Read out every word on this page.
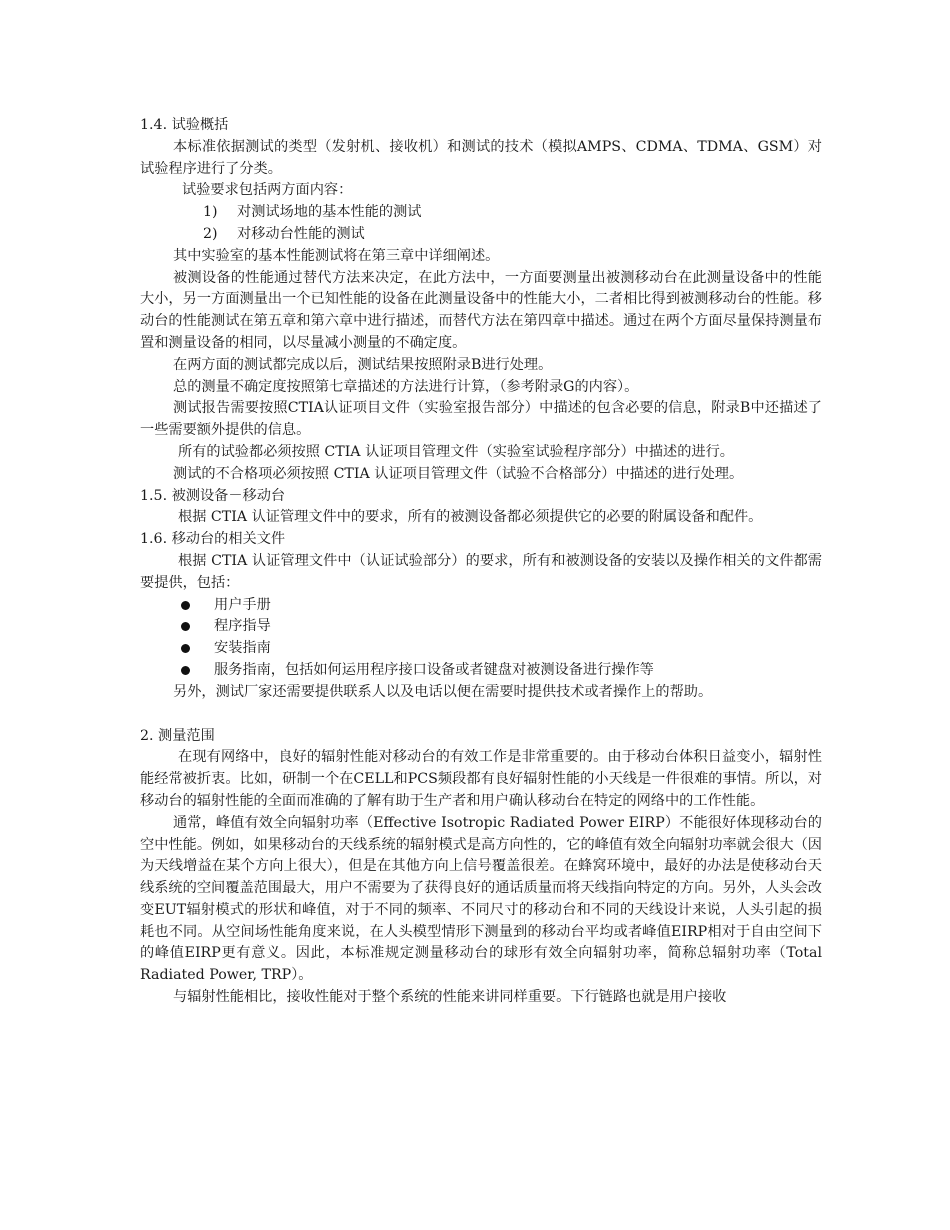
1.4. 试验概括

本标准依据测试的类型（发射机、接收机）和测试的技术（模拟AMPS、CDMA、TDMA、GSM）对试验程序进行了分类。

试验要求包括两方面内容：

1) 对测试场地的基本性能的测试

2) 对移动台性能的测试

其中实验室的基本性能测试将在第三章中详细阐述。

被测设备的性能通过替代方法来决定，在此方法中，一方面要测量出被测移动台在此测量设备中的性能大小，另一方面测量出一个已知性能的设备在此测量设备中的性能大小，二者相比得到被测移动台的性能。移动台的性能测试在第五章和第六章中进行描述，而替代方法在第四章中描述。通过在两个方面尽量保持测量布置和测量设备的相同，以尽量减小测量的不确定度。

在两方面的测试都完成以后，测试结果按照附录B进行处理。

总的测量不确定度按照第七章描述的方法进行计算，（参考附录G的内容）。

测试报告需要按照CTIA认证项目文件（实验室报告部分）中描述的包含必要的信息，附录B中还描述了一些需要额外提供的信息。

所有的试验都必须按照 CTIA 认证项目管理文件（实验室试验程序部分）中描述的进行。

测试的不合格项必须按照 CTIA 认证项目管理文件（试验不合格部分）中描述的进行处理。

1.5. 被测设备－移动台

根据 CTIA 认证管理文件中的要求，所有的被测设备都必须提供它的必要的附属设备和配件。

1.6. 移动台的相关文件

根据 CTIA 认证管理文件中（认证试验部分）的要求，所有和被测设备的安装以及操作相关的文件都需要提供，包括：

用户手册
程序指导
安装指南
服务指南，包括如何运用程序接口设备或者键盘对被测设备进行操作等

另外，测试厂家还需要提供联系人以及电话以便在需要时提供技术或者操作上的帮助。

2. 测量范围

在现有网络中，良好的辐射性能对移动台的有效工作是非常重要的。由于移动台体积日益变小，辐射性能经常被折衷。比如，研制一个在CELL和PCS频段都有良好辐射性能的小天线是一件很难的事情。所以，对移动台的辐射性能的全面而准确的了解有助于生产者和用户确认移动台在特定的网络中的工作性能。

通常，峰值有效全向辐射功率（Effective Isotropic Radiated Power EIRP）不能很好体现移动台的空中性能。例如，如果移动台的天线系统的辐射模式是高方向性的，它的峰值有效全向辐射功率就会很大（因为天线增益在某个方向上很大），但是在其他方向上信号覆盖很差。在蜂窝环境中，最好的办法是使移动台天线系统的空间覆盖范围最大，用户不需要为了获得良好的通话质量而将天线指向特定的方向。另外，人头会改变EUT辐射模式的形状和峰值，对于不同的频率、不同尺寸的移动台和不同的天线设计来说，人头引起的损耗也不同。从空间场性能角度来说，在人头模型情形下测量到的移动台平均或者峰值EIRP相对于自由空间下的峰值EIRP更有意义。因此，本标准规定测量移动台的球形有效全向辐射功率，简称总辐射功率（Total Radiated Power, TRP）。

与辐射性能相比，接收性能对于整个系统的性能来讲同样重要。下行链路也就是用户接收
